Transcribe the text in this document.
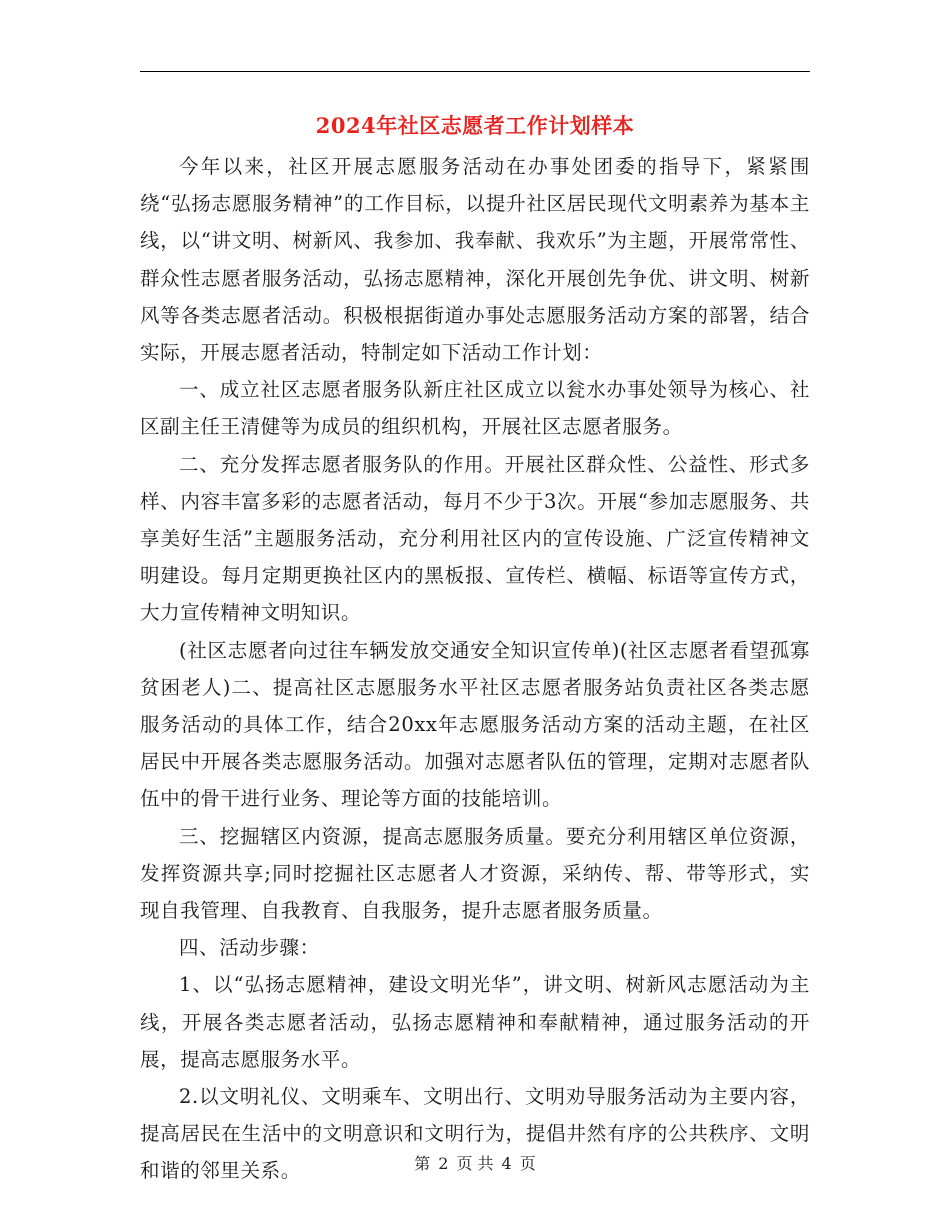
2024年社区志愿者工作计划样本

今年以来，社区开展志愿服务活动在办事处团委的指导下，紧紧围绕“弘扬志愿服务精神”的工作目标，以提升社区居民现代文明素养为基本主线，以“讲文明、树新风、我参加、我奉献、我欢乐”为主题，开展常常性、群众性志愿者服务活动，弘扬志愿精神，深化开展创先争优、讲文明、树新风等各类志愿者活动。积极根据街道办事处志愿服务活动方案的部署，结合实际，开展志愿者活动，特制定如下活动工作计划：

一、成立社区志愿者服务队新庄社区成立以瓮水办事处领导为核心、社区副主任王清健等为成员的组织机构，开展社区志愿者服务。

二、充分发挥志愿者服务队的作用。开展社区群众性、公益性、形式多样、内容丰富多彩的志愿者活动，每月不少于3次。开展“参加志愿服务、共享美好生活”主题服务活动，充分利用社区内的宣传设施、广泛宣传精神文明建设。每月定期更换社区内的黑板报、宣传栏、横幅、标语等宣传方式，大力宣传精神文明知识。

(社区志愿者向过往车辆发放交通安全知识宣传单)(社区志愿者看望孤寡贫困老人)二、提高社区志愿服务水平社区志愿者服务站负责社区各类志愿服务活动的具体工作，结合20xx年志愿服务活动方案的活动主题，在社区居民中开展各类志愿服务活动。加强对志愿者队伍的管理，定期对志愿者队伍中的骨干进行业务、理论等方面的技能培训。

三、挖掘辖区内资源，提高志愿服务质量。要充分利用辖区单位资源，发挥资源共享;同时挖掘社区志愿者人才资源，采纳传、帮、带等形式，实现自我管理、自我教育、自我服务，提升志愿者服务质量。

四、活动步骤：

1、以“弘扬志愿精神，建设文明光华”，讲文明、树新风志愿活动为主线，开展各类志愿者活动，弘扬志愿精神和奉献精神，通过服务活动的开展，提高志愿服务水平。

2.以文明礼仪、文明乘车、文明出行、文明劝导服务活动为主要内容，提高居民在生活中的文明意识和文明行为，提倡井然有序的公共秩序、文明和谐的邻里关系。	第 2 页 共 4 页
